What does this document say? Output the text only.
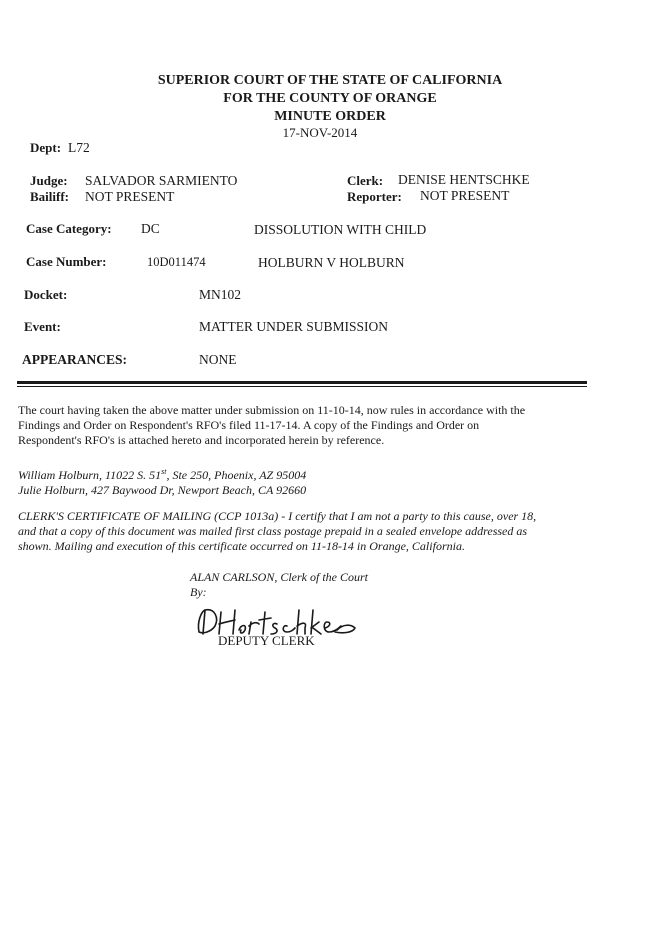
SUPERIOR COURT OF THE STATE OF CALIFORNIA
FOR THE COUNTY OF ORANGE
MINUTE ORDER
17-NOV-2014
Dept: L72
Judge: SALVADOR SARMIENTO	Clerk: DENISE HENTSCHKE
Bailiff: NOT PRESENT	Reporter: NOT PRESENT
Case Category: DC	DISSOLUTION WITH CHILD
Case Number:	10D011474	HOLBURN V HOLBURN
Docket:	MN102
Event:	MATTER UNDER SUBMISSION
APPEARANCES:	NONE
The court having taken the above matter under submission on 11-10-14, now rules in accordance with the
Findings and Order on Respondent's RFO's filed 11-17-14. A copy of the Findings and Order on
Respondent's RFO's is attached hereto and incorporated herein by reference.
William Holburn, 11022 S. 51st, Ste 250, Phoenix, AZ 95004
Julie Holburn, 427 Baywood Dr, Newport Beach, CA 92660
CLERK'S CERTIFICATE OF MAILING (CCP 1013a) - I certify that I am not a party to this cause, over 18,
and that a copy of this document was mailed first class postage prepaid in a sealed envelope addressed as
shown. Mailing and execution of this certificate occurred on 11-18-14 in Orange, California.
ALAN CARLSON, Clerk of the Court
By:
DEPUTY CLERK
